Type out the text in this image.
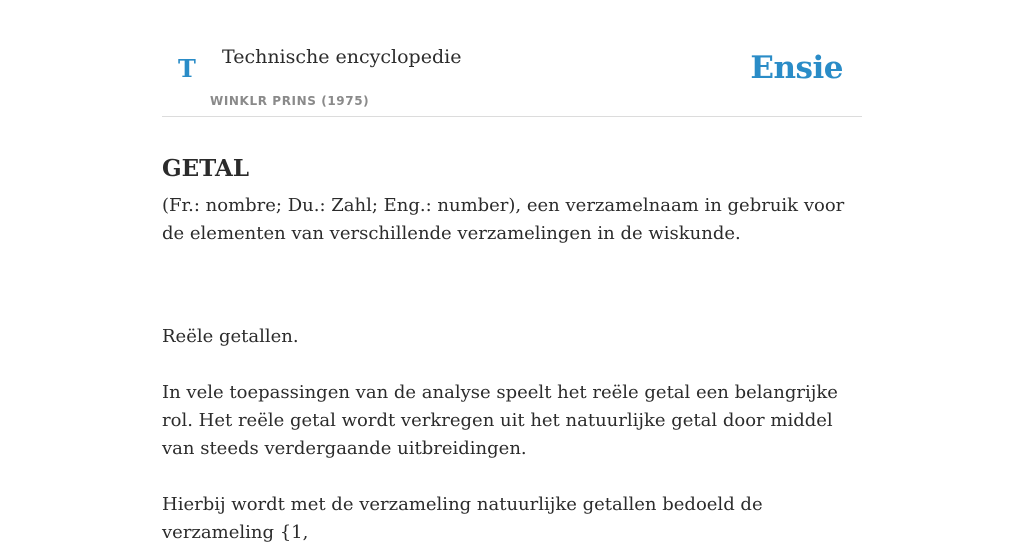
T Technische encyclopedie
WINKLR PRINS (1975)
Ensie
GETAL

(Fr.: nombre; Du.: Zahl; Eng.: number), een verzamelnaam in gebruik voor de elementen van verschillende verzamelingen in de wiskunde.

Reële getallen.

In vele toepassingen van de analyse speelt het reële getal een belangrijke rol. Het reële getal wordt verkregen uit het natuurlijke getal door middel van steeds verdergaande uitbreidingen.

Hierbij wordt met de verzameling natuurlijke getallen bedoeld de verzameling {1,
